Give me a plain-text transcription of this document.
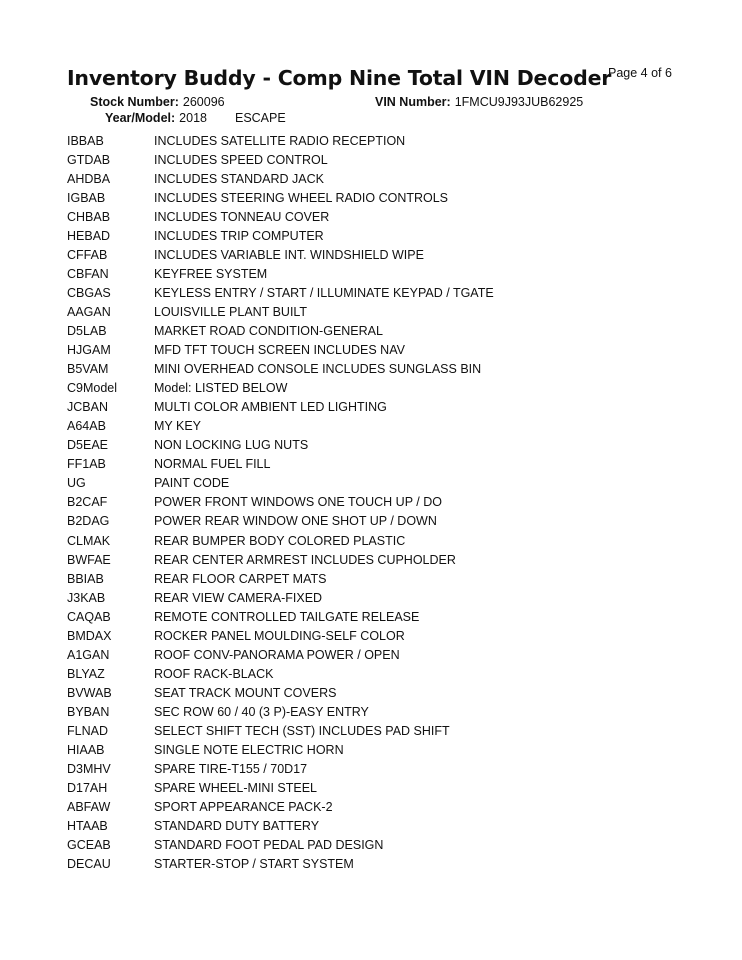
Inventory Buddy - Comp Nine Total VIN Decoder
Page 4 of 6
Stock Number: 260096	VIN Number: 1FMCU9J93JUB62925
Year/Model: 2018 ESCAPE
IBBAB	INCLUDES SATELLITE RADIO RECEPTION
GTDAB	INCLUDES SPEED CONTROL
AHDBA	INCLUDES STANDARD JACK
IGBAB	INCLUDES STEERING WHEEL RADIO CONTROLS
CHBAB	INCLUDES TONNEAU COVER
HEBAD	INCLUDES TRIP COMPUTER
CFFAB	INCLUDES VARIABLE INT. WINDSHIELD WIPE
CBFAN	KEYFREE SYSTEM
CBGAS	KEYLESS ENTRY / START / ILLUMINATE KEYPAD / TGATE
AAGAN	LOUISVILLE PLANT BUILT
D5LAB	MARKET ROAD CONDITION-GENERAL
HJGAM	MFD TFT TOUCH SCREEN INCLUDES NAV
B5VAM	MINI OVERHEAD CONSOLE INCLUDES SUNGLASS BIN
C9Model	Model: LISTED BELOW
JCBAN	MULTI COLOR AMBIENT LED LIGHTING
A64AB	MY KEY
D5EAE	NON LOCKING LUG NUTS
FF1AB	NORMAL FUEL FILL
UG	PAINT CODE
B2CAF	POWER FRONT WINDOWS ONE TOUCH UP / DO
B2DAG	POWER REAR WINDOW ONE SHOT UP / DOWN
CLMAK	REAR BUMPER BODY COLORED PLASTIC
BWFAE	REAR CENTER ARMREST INCLUDES CUPHOLDER
BBIAB	REAR FLOOR CARPET MATS
J3KAB	REAR VIEW CAMERA-FIXED
CAQAB	REMOTE CONTROLLED TAILGATE RELEASE
BMDAX	ROCKER PANEL MOULDING-SELF COLOR
A1GAN	ROOF CONV-PANORAMA POWER / OPEN
BLYAZ	ROOF RACK-BLACK
BVWAB	SEAT TRACK MOUNT COVERS
BYBAN	SEC ROW 60 / 40 (3 P)-EASY ENTRY
FLNAD	SELECT SHIFT TECH (SST) INCLUDES PAD SHIFT
HIAAB	SINGLE NOTE ELECTRIC HORN
D3MHV	SPARE TIRE-T155 / 70D17
D17AH	SPARE WHEEL-MINI STEEL
ABFAW	SPORT APPEARANCE PACK-2
HTAAB	STANDARD DUTY BATTERY
GCEAB	STANDARD FOOT PEDAL PAD DESIGN
DECAU	STARTER-STOP / START SYSTEM
